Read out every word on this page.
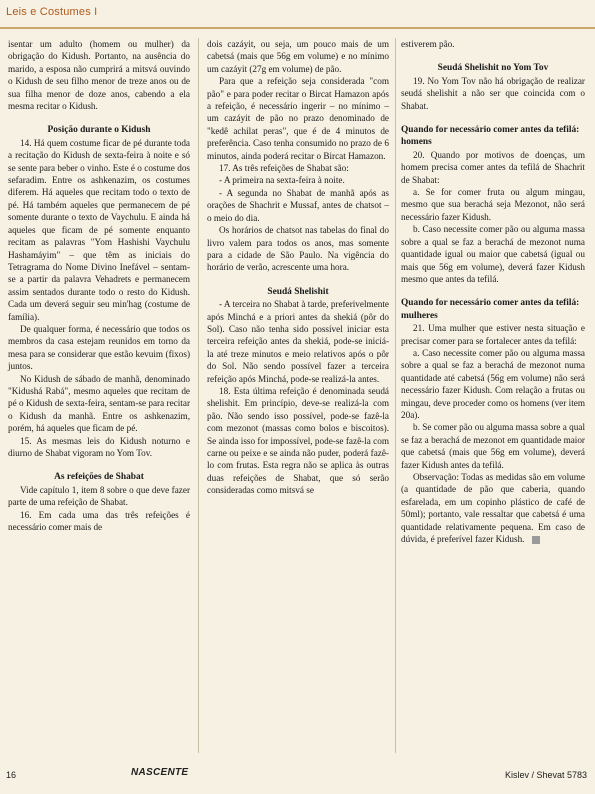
Leis e Costumes I

isentar um adulto (homem ou mulher) da obrigação do Kidush. Portanto, na ausência do marido, a esposa não cumprirá a mitsvá ouvindo o Kidush de seu filho menor de treze anos ou de sua filha menor de doze anos, cabendo a ela mesma recitar o Kidush.

Posição durante o Kidush

14. Há quem costume ficar de pé durante toda a recitação do Kidush de sexta-feira à noite e só se sente para beber o vinho. Este é o costume dos sefaradim. Entre os ashkenazim, os costumes diferem. Há aqueles que recitam todo o texto de pé. Há também aqueles que permanecem de pé somente durante o texto de Vaychulu. E ainda há aqueles que ficam de pé somente enquanto recitam as palavras "Yom Hashishi Vaychulu Hashamáyim" – que têm as iniciais do Tetragrama do Nome Divino Inefável – sentam-se a partir da palavra Vehadrets e permanecem assim sentados durante todo o resto do Kidush. Cada um deverá seguir seu min'hag (costume de família).

De qualquer forma, é necessário que todos os membros da casa estejam reunidos em torno da mesa para se considerar que estão kevuim (fixos) juntos.

No Kidush de sábado de manhã, denominado "Kidushá Rabá", mesmo aqueles que recitam de pé o Kidush de sexta-feira, sentam-se para recitar o Kidush da manhã. Entre os ashkenazim, porém, há aqueles que ficam de pé.

15. As mesmas leis do Kidush noturno e diurno de Shabat vigoram no Yom Tov.

As refeições de Shabat

Vide capítulo 1, item 8 sobre o que deve fazer parte de uma refeição de Shabat.

16. Em cada uma das três refeições é necessário comer mais de

dois cazáyit, ou seja, um pouco mais de um cabetsá (mais que 56g em volume) e no mínimo um cazáyit (27g em volume) de pão.

Para que a refeição seja considerada "com pão" e para poder recitar o Bircat Hamazon após a refeição, é necessário ingerir – no mínimo – um cazáyit de pão no prazo denominado de "kedê achilat peras", que é de 4 minutos de preferência. Caso tenha consumido no prazo de 6 minutos, ainda poderá recitar o Bircat Hamazon.

17. As três refeições de Shabat são:

- A primeira na sexta-feira à noite.

- A segunda no Shabat de manhã após as orações de Shachrit e Mussaf, antes de chatsot – o meio do dia.

Os horários de chatsot nas tabelas do final do livro valem para todos os anos, mas somente para a cidade de São Paulo. Na vigência do horário de verão, acrescente uma hora.

Seudá Shelishit

- A terceira no Shabat à tarde, preferivelmente após Minchá e a priori antes da shekiá (pôr do Sol). Caso não tenha sido possível iniciar esta terceira refeição antes da shekiá, pode-se iniciá-la até treze minutos e meio relativos após o pôr do Sol. Não sendo possível fazer a terceira refeição após Minchá, pode-se realizá-la antes.

18. Esta última refeição é denominada seudá shelishit. Em princípio, deve-se realizá-la com pão. Não sendo isso possível, pode-se fazê-la com mezonot (massas como bolos e biscoitos). Se ainda isso for impossível, pode-se fazê-la com carne ou peixe e se ainda não puder, poderá fazê-lo com frutas. Esta regra não se aplica às outras duas refeições de Shabat, que só serão consideradas como mitsvá se

estiverem pão.

Seudá Shelishit no Yom Tov

19. No Yom Tov não há obrigação de realizar seudá shelishit a não ser que coincida com o Shabat.

Quando for necessário comer antes da tefilá: homens

20. Quando por motivos de doenças, um homem precisa comer antes da tefilá de Shachrit de Shabat:

a. Se for comer fruta ou algum mingau, mesmo que sua berachá seja Mezonot, não será necessário fazer Kidush.

b. Caso necessite comer pão ou alguma massa sobre a qual se faz a berachá de mezonot numa quantidade igual ou maior que cabetsá (igual ou mais que 56g em volume), deverá fazer Kidush mesmo que antes da tefilá.

Quando for necessário comer antes da tefilá: mulheres

21. Uma mulher que estiver nesta situação e precisar comer para se fortalecer antes da tefilá:

a. Caso necessite comer pão ou alguma massa sobre a qual se faz a berachá de mezonot numa quantidade até cabetsá (56g em volume) não será necessário fazer Kidush. Com relação a frutas ou mingau, deve proceder como os homens (ver item 20a).

b. Se comer pão ou alguma massa sobre a qual se faz a berachá de mezonot em quantidade maior que cabetsá (mais que 56g em volume), deverá fazer Kidush antes da tefilá.

Observação: Todas as medidas são em volume (a quantidade de pão que caberia, quando esfarelada, em um copinho plástico de café de 50ml); portanto, vale ressaltar que cabetsá é uma quantidade relativamente pequena. Em caso de dúvida, é preferível fazer Kidush.

16	NASCENTE	Kislev / Shevat 5783
